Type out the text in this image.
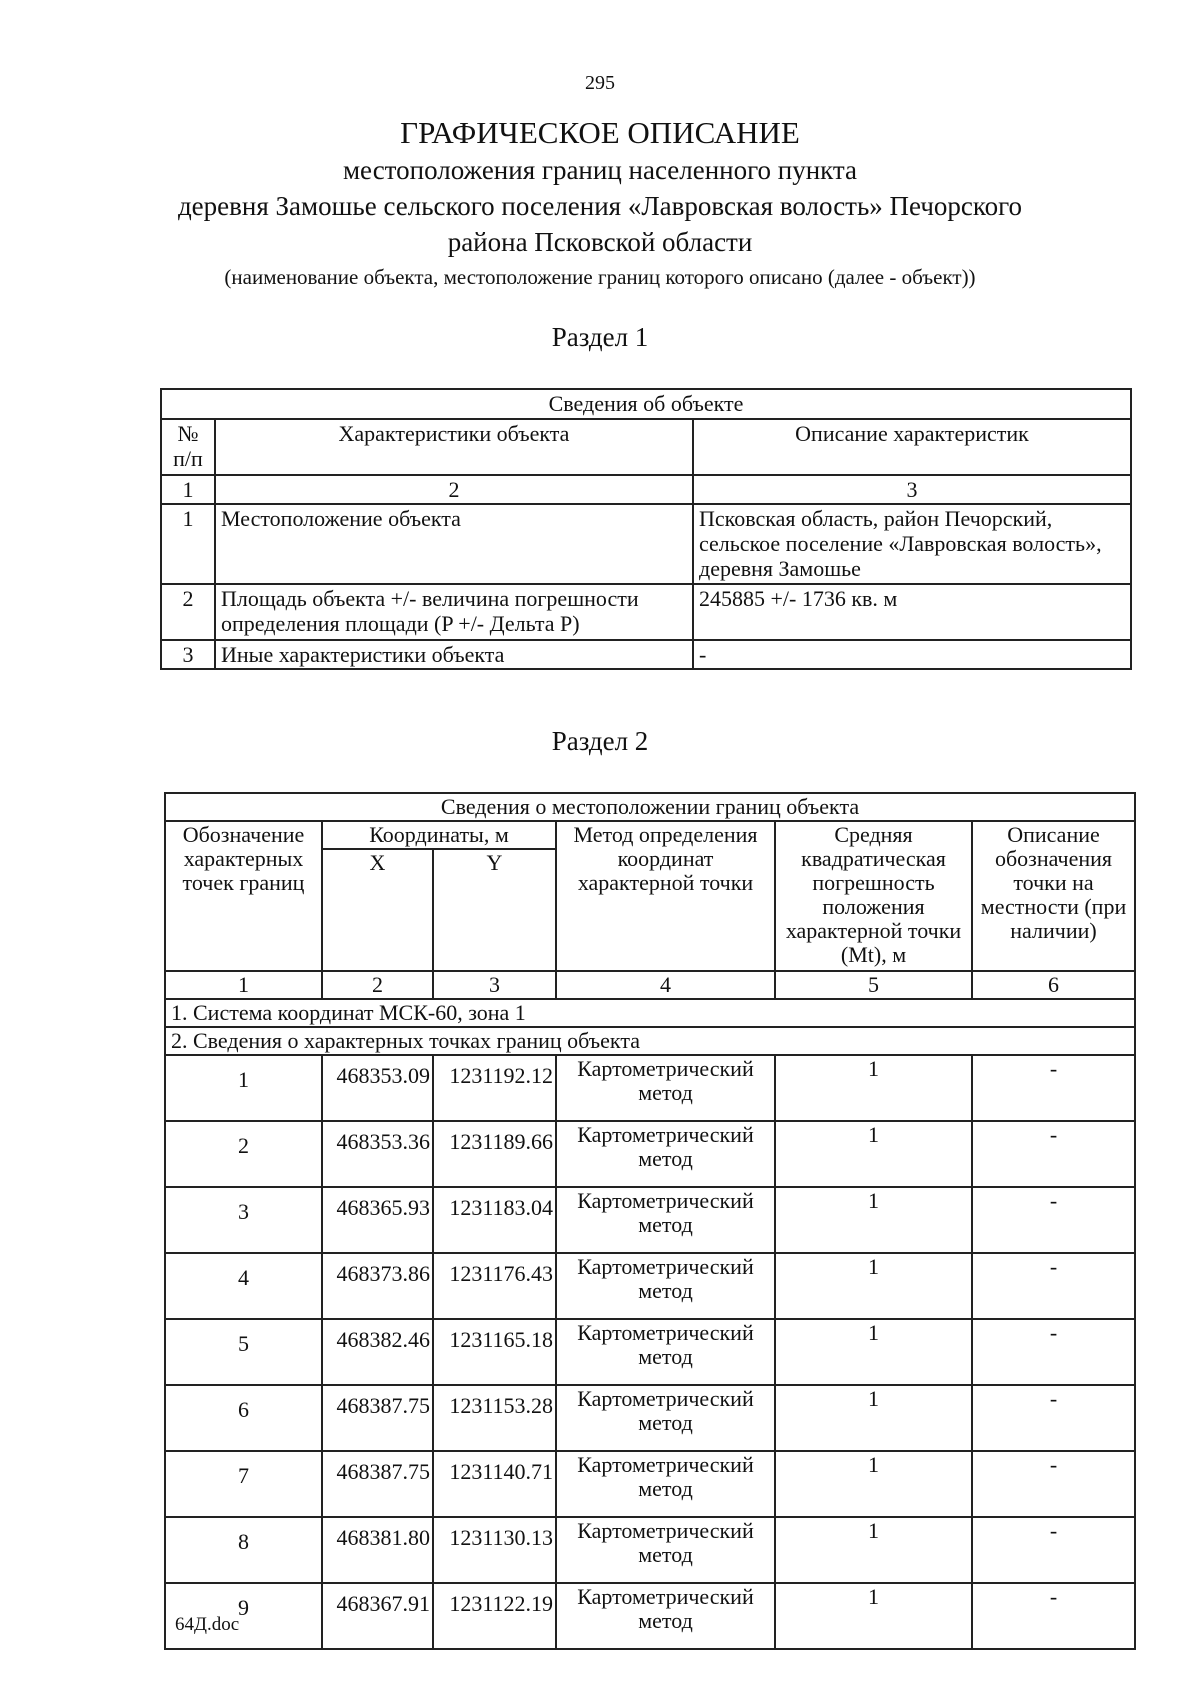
295
ГРАФИЧЕСКОЕ ОПИСАНИЕ
местоположения границ населенного пункта
деревня Замошье сельского поселения «Лавровская волость» Печорского
района Псковской области
(наименование объекта, местоположение границ которого описано (далее - объект))
Раздел 1
Сведения об объекте		
№ п/п	Характеристики объекта	Описание характеристик
1	2	3
1	Местоположение объекта	Псковская область, район Печорский, сельское поселение «Лавровская волость», деревня Замошье
2	Площадь объекта +/- величина погрешности определения площади (P +/- Дельта P)	245885 +/- 1736 кв. м
3	Иные характеристики объекта	-
Раздел 2
Сведения о местоположении границ объекта					
Обозначение характерных точек границ	Координаты, м		Метод определения координат характерной точки	Средняя квадратическая погрешность положения характерной точки (Mt), м	Описание обозначения точки на местности (при наличии)
	X	Y			
1	2	3	4	5	6
1. Система координат МСК-60, зона 1					
2. Сведения о характерных точках границ объекта					
1	468353.09	1231192.12	Картометрический метод	1	-
2	468353.36	1231189.66	Картометрический метод	1	-
3	468365.93	1231183.04	Картометрический метод	1	-
4	468373.86	1231176.43	Картометрический метод	1	-
5	468382.46	1231165.18	Картометрический метод	1	-
6	468387.75	1231153.28	Картометрический метод	1	-
7	468387.75	1231140.71	Картометрический метод	1	-
8	468381.80	1231130.13	Картометрический метод	1	-
9	468367.91	1231122.19	Картометрический метод	1	-
64Д.doc
